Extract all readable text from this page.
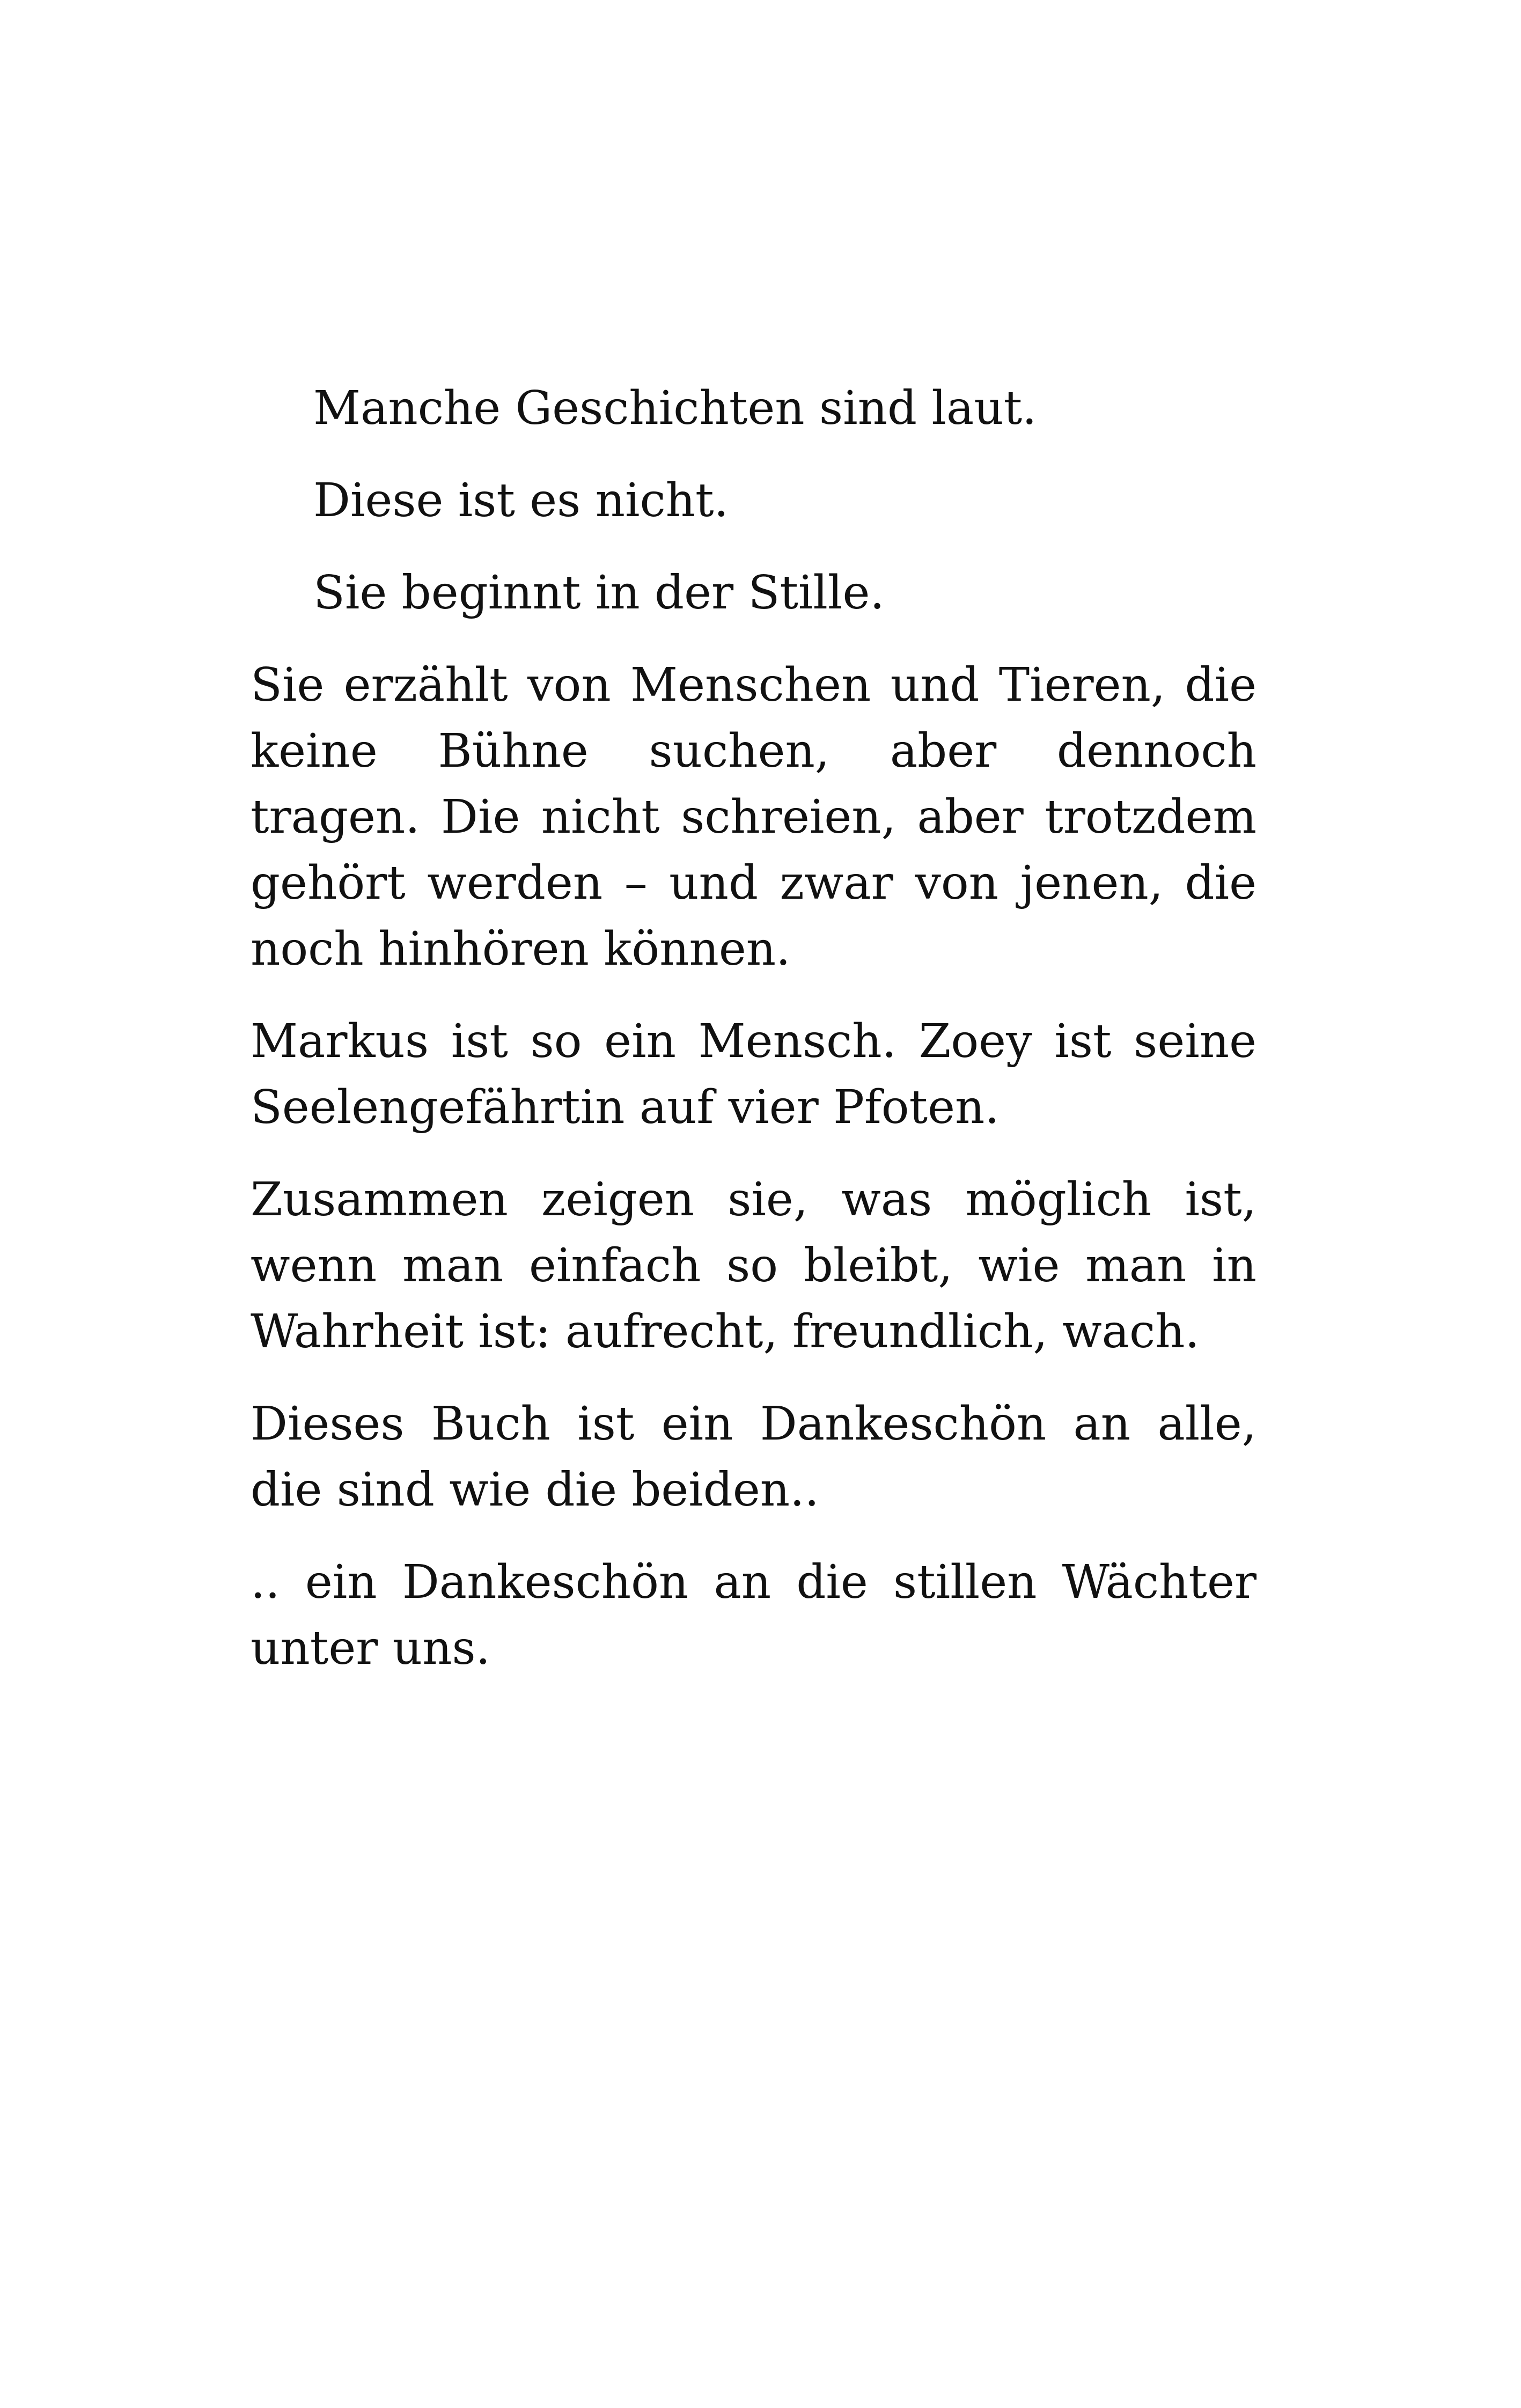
Manche Geschichten sind laut.

Diese ist es nicht.

Sie beginnt in der Stille.

Sie erzählt von Menschen und Tieren, die keine Bühne suchen, aber dennoch tragen. Die nicht schreien, aber trotzdem gehört werden – und zwar von jenen, die noch hinhören können.

Markus ist so ein Mensch. Zoey ist seine Seelengefährtin auf vier Pfoten.

Zusammen zeigen sie, was möglich ist, wenn man einfach so bleibt, wie man in Wahrheit ist: aufrecht, freundlich, wach.

Dieses Buch ist ein Dankeschön an alle, die sind wie die beiden..

.. ein Dankeschön an die stillen Wächter unter uns.
